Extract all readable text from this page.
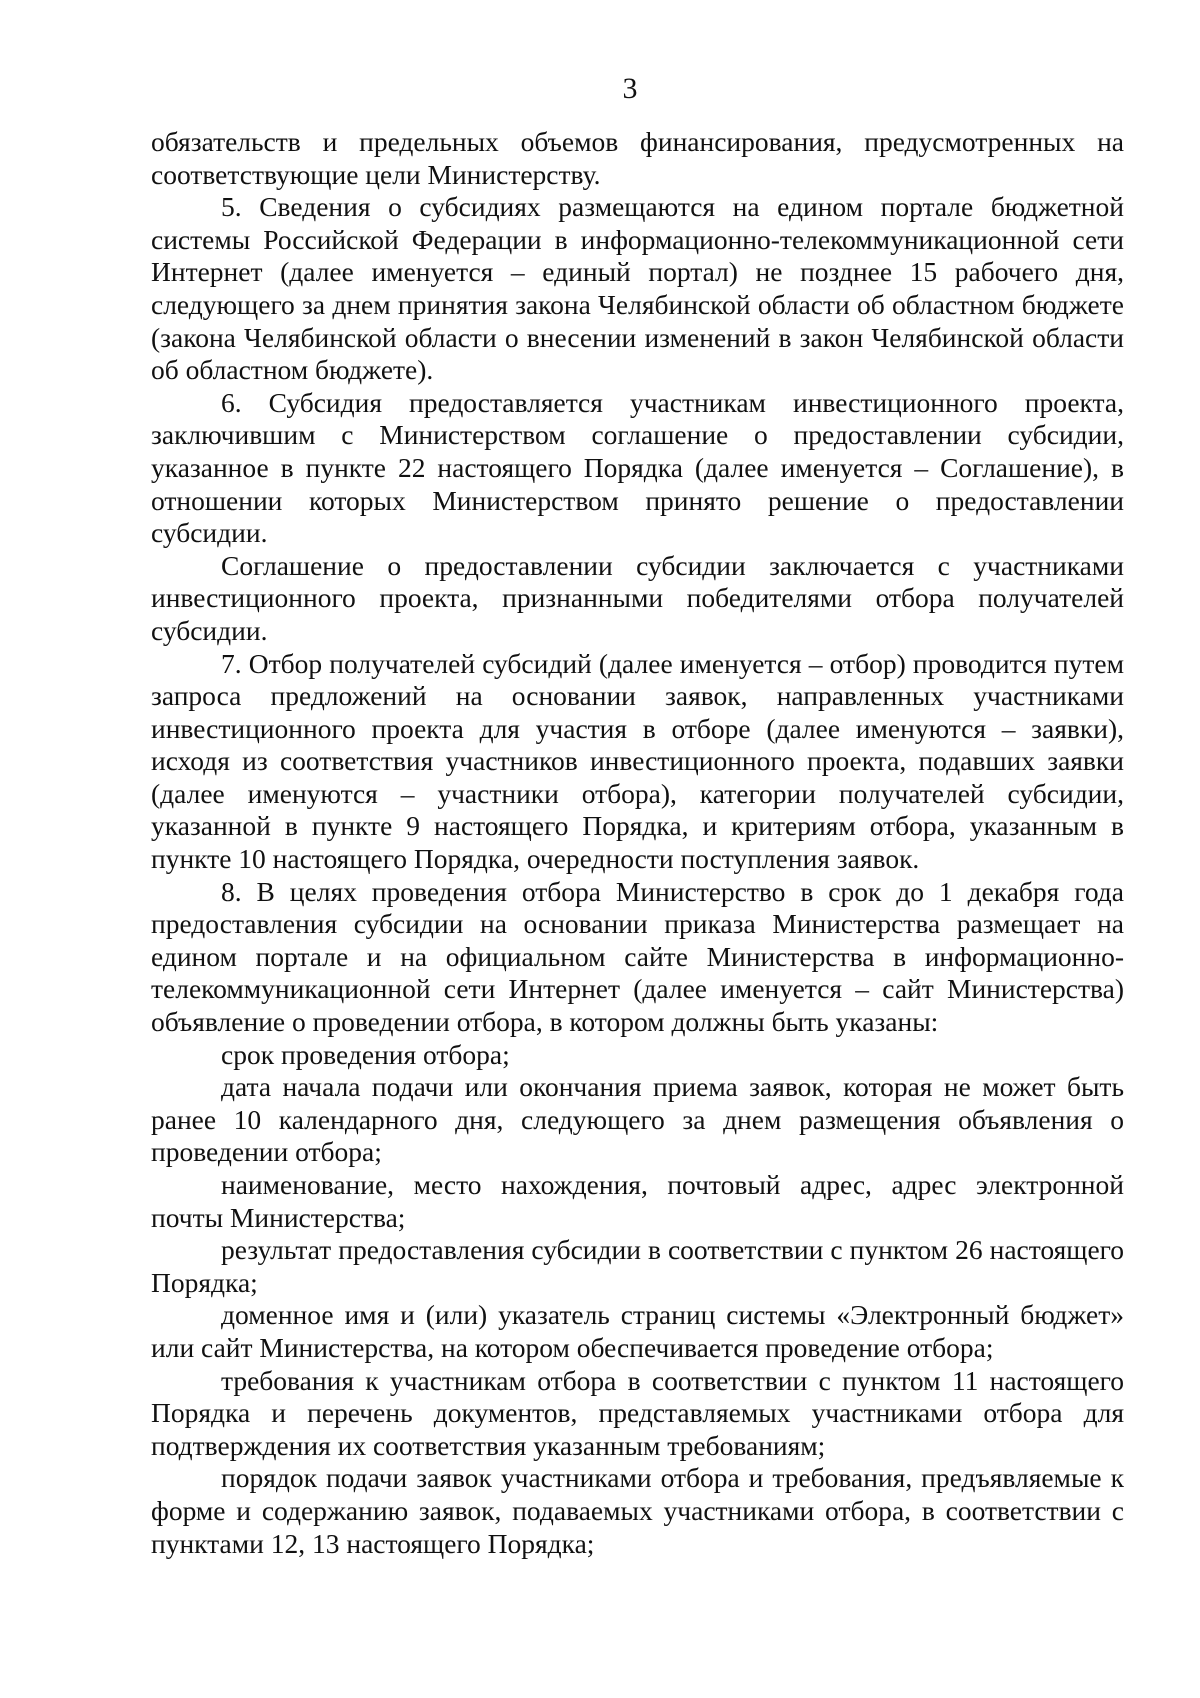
3

обязательств и предельных объемов финансирования, предусмотренных на соответствующие цели Министерству.

5. Сведения о субсидиях размещаются на едином портале бюджетной системы Российской Федерации в информационно-телекоммуникационной сети Интернет (далее именуется – единый портал) не позднее 15 рабочего дня, следующего за днем принятия закона Челябинской области об областном бюджете (закона Челябинской области о внесении изменений в закон Челябинской области об областном бюджете).

6. Субсидия предоставляется участникам инвестиционного проекта, заключившим с Министерством соглашение о предоставлении субсидии, указанное в пункте 22 настоящего Порядка (далее именуется – Соглашение), в отношении которых Министерством принято решение о предоставлении субсидии.

Соглашение о предоставлении субсидии заключается с участниками инвестиционного проекта, признанными победителями отбора получателей субсидии.

7. Отбор получателей субсидий (далее именуется – отбор) проводится путем запроса предложений на основании заявок, направленных участниками инвестиционного проекта для участия в отборе (далее именуются – заявки), исходя из соответствия участников инвестиционного проекта, подавших заявки (далее именуются – участники отбора), категории получателей субсидии, указанной в пункте 9 настоящего Порядка, и критериям отбора, указанным в пункте 10 настоящего Порядка, очередности поступления заявок.

8. В целях проведения отбора Министерство в срок до 1 декабря года предоставления субсидии на основании приказа Министерства размещает на едином портале и на официальном сайте Министерства в информационно-телекоммуникационной сети Интернет (далее именуется – сайт Министерства) объявление о проведении отбора, в котором должны быть указаны:

срок проведения отбора;

дата начала подачи или окончания приема заявок, которая не может быть ранее 10 календарного дня, следующего за днем размещения объявления о проведении отбора;

наименование, место нахождения, почтовый адрес, адрес электронной почты Министерства;

результат предоставления субсидии в соответствии с пунктом 26 настоящего Порядка;

доменное имя и (или) указатель страниц системы «Электронный бюджет» или сайт Министерства, на котором обеспечивается проведение отбора;

требования к участникам отбора в соответствии с пунктом 11 настоящего Порядка и перечень документов, представляемых участниками отбора для подтверждения их соответствия указанным требованиям;

порядок подачи заявок участниками отбора и требования, предъявляемые к форме и содержанию заявок, подаваемых участниками отбора, в соответствии с пунктами 12, 13 настоящего Порядка;
